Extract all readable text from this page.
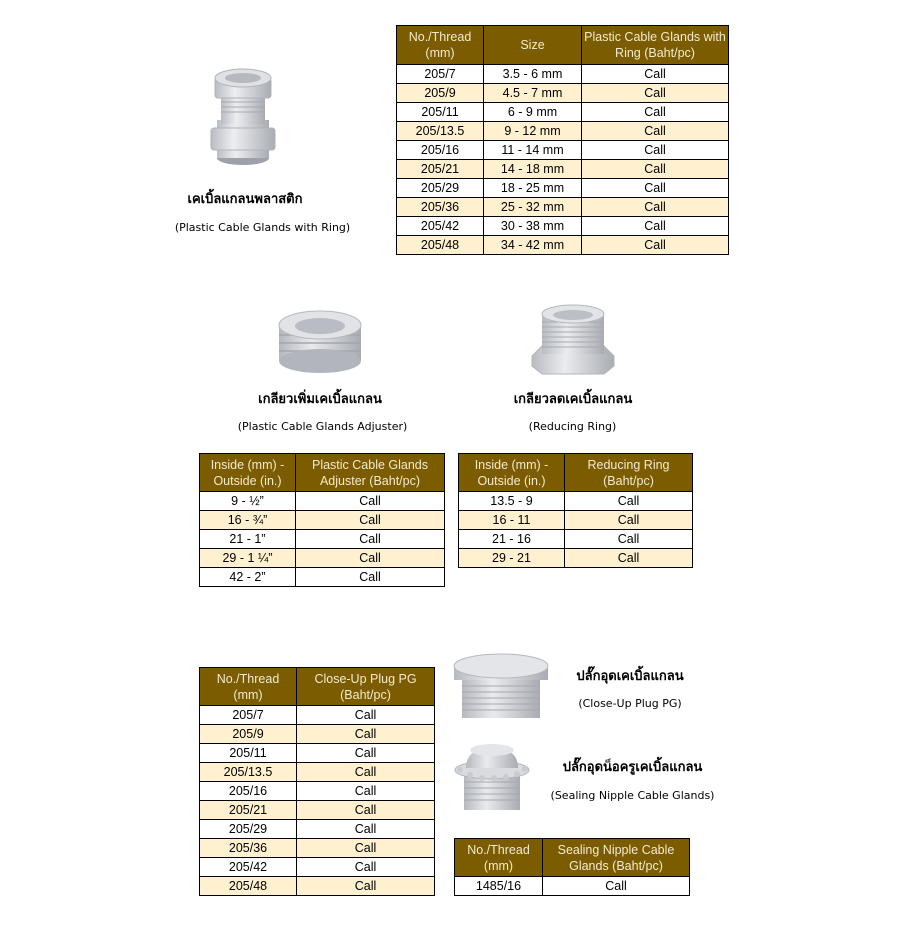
เคเบิ้ลแกลนพลาสติก
(Plastic Cable Glands with Ring)
No./Thread (mm)	Size	Plastic Cable Glands with Ring (Baht/pc)
205/7	3.5 - 6 mm	Call
205/9	4.5 - 7 mm	Call
205/11	6 - 9 mm	Call
205/13.5	9 - 12 mm	Call
205/16	11 - 14 mm	Call
205/21	14 - 18 mm	Call
205/29	18 - 25 mm	Call
205/36	25 - 32 mm	Call
205/42	30 - 38 mm	Call
205/48	34 - 42 mm	Call
เกลียวเพิ่มเคเบิ้ลแกลน
(Plastic Cable Glands Adjuster)
เกลียวลดเคเบิ้ลแกลน
(Reducing Ring)
Inside (mm) - Outside (in.)	Plastic Cable Glands Adjuster (Baht/pc)
9 - ½”	Call
16 - ¾”	Call
21 - 1”	Call
29 - 1 ¼”	Call
42 - 2”	Call
Inside (mm) - Outside (in.)	Reducing Ring (Baht/pc)
13.5 - 9	Call
16 - 11	Call
21 - 16	Call
29 - 21	Call
No./Thread (mm)	Close-Up Plug PG (Baht/pc)
205/7	Call
205/9	Call
205/11	Call
205/13.5	Call
205/16	Call
205/21	Call
205/29	Call
205/36	Call
205/42	Call
205/48	Call
ปลั๊กอุดเคเบิ้ลแกลน
(Close-Up Plug PG)
ปลั๊กอุดน็อครูเคเบิ้ลแกลน
(Sealing Nipple Cable Glands)
No./Thread (mm)	Sealing Nipple Cable Glands (Baht/pc)
1485/16	Call
